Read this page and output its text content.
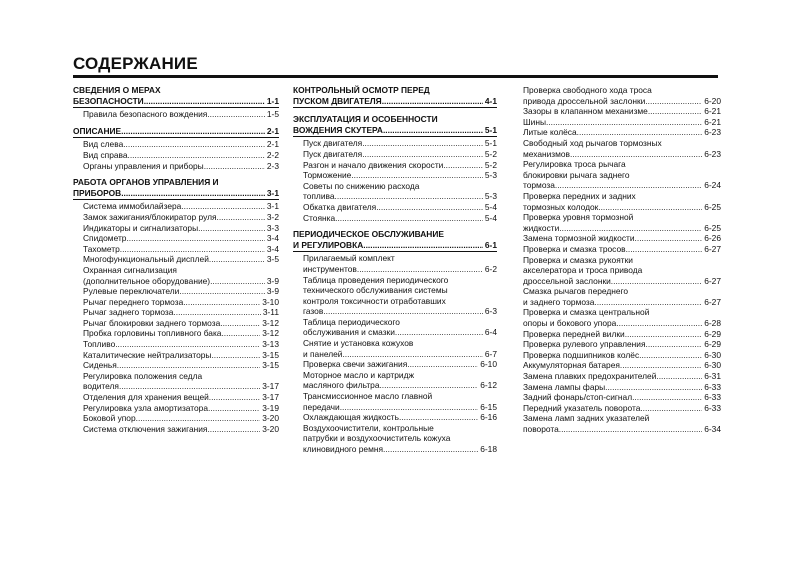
СОДЕРЖАНИЕ
СВЕДЕНИЯ О МЕРАХ
БЕЗОПАСНОСТИ .....	1-1
Правила безопасного вождения. .....	1-5
ОПИСАНИЕ .....	2-1
Вид слева .....	2-1
Вид справа .....	2-2
Органы управления и приборы .....	2-3
РАБОТА ОРГАНОВ УПРАВЛЕНИЯ И
ПРИБОРОВ .....	3-1
Система иммобилайзера .....	3-1
Замок зажигания/блокиратор руля .....	3-2
Индикаторы и сигнализаторы .....	3-3
Спидометр .....	3-4
Тахометр .....	3-4
Многофункциональный дисплей .....	3-5
Охранная сигнализация
(дополнительное оборудование) .....	3-9
Рулевые переключатели .....	3-9
Рычаг переднего тормоза .....	3-10
Рычаг заднего тормоза .....	3-11
Рычаг блокировки заднего тормоза .....	3-12
Пробка горловины топливного бака. .....	3-12
Топливо .....	3-13
Каталитические нейтрализаторы .....	3-15
Сиденья .....	3-15
Регулировка положения седла
водителя .....	3-17
Отделения для хранения вещей .....	3-17
Регулировка узла амортизатора .....	3-19
Боковой упор .....	3-20
Система отключения зажигания .....	3-20
КОНТРОЛЬНЫЙ ОСМОТР ПЕРЕД
ПУСКОМ ДВИГАТЕЛЯ .....	4-1
ЭКСПЛУАТАЦИЯ И ОСОБЕННОСТИ
ВОЖДЕНИЯ СКУТЕРА .....	5-1
Пуск двигателя .....	5-1
Пуск двигателя .....	5-2
Разгон и начало движения скорости .....	5-2
Торможение .....	5-3
Советы по снижению расхода
топлива .....	5-3
Обкатка двигателя .....	5-4
Стоянка .....	5-4
ПЕРИОДИЧЕСКОЕ ОБСЛУЖИВАНИЕ
И РЕГУЛИРОВКА .....	6-1
Прилагаемый комплект
инструментов .....	6-2
Таблица проведения периодического
технического обслуживания системы
контроля токсичности отработавших
газов .....	6-3
Таблица периодического
обслуживания и смазки .....	6-4
Снятие и установка кожухов
и панелей .....	6-7
Проверка свечи зажигания .....	6-10
Моторное масло и картридж
масляного фильтра .....	6-12
Трансмиссионное масло главной
передачи .....	6-15
Охлаждающая жидкость .....	6-16
Воздухоочистители, контрольные
патрубки и воздухоочиститель кожуха
клиновидного ремня .....	6-18
Проверка свободного хода троса
привода дроссельной заслонки .....	6-20
Зазоры в клапанном механизме .....	6-21
Шины .....	6-21
Литые колёса .....	6-23
Свободный ход рычагов тормозных
механизмов .....	6-23
Регулировка троса рычага
блокировки рычага заднего
тормоза .....	6-24
Проверка передних и задних
тормозных колодок .....	6-25
Проверка уровня тормозной
жидкости .....	6-25
Замена тормозной жидкости .....	6-26
Проверка и смазка тросов .....	6-27
Проверка и смазка рукоятки
акселератора и троса привода
дроссельной заслонки .....	6-27
Смазка рычагов переднего
и заднего тормоза .....	6-27
Проверка и смазка центральной
опоры и бокового упора .....	6-28
Проверка передней вилки .....	6-29
Проверка рулевого управления .....	6-29
Проверка подшипников колёс .....	6-30
Аккумуляторная батарея .....	6-30
Замена плавких предохранителей .....	6-31
Замена лампы фары .....	6-33
Задний фонарь/стоп-сигнал .....	6-33
Передний указатель поворота .....	6-33
Замена ламп задних указателей
поворота .....	6-34
